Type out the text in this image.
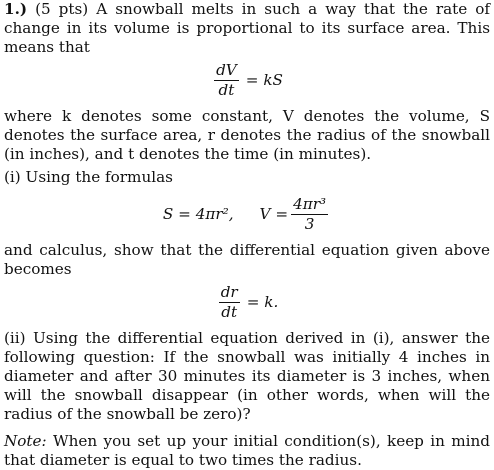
1.) (5 pts) A snowball melts in such a way that the rate of change in its volume is proportional to its surface area. This means that

$\frac{dV}{dt}$ = kS

where k denotes some constant, V denotes the volume, S denotes the surface area, r denotes the radius of the snowball (in inches), and t denotes the time (in minutes).

(i) Using the formulas

S = 4πr², $V = \frac{\text{4πr³}}{3}$

and calculus, show that the differential equation given above becomes

$\frac{dr}{dt} = k$.

(ii) Using the differential equation derived in (i), answer the following question: If the snowball was initially 4 inches in diameter and after 30 minutes its diameter is 3 inches, when will the snowball disappear (in other words, when will the radius of the snowball be zero)?

Note: When you set up your initial condition(s), keep in mind that diameter is equal to two times the radius.
